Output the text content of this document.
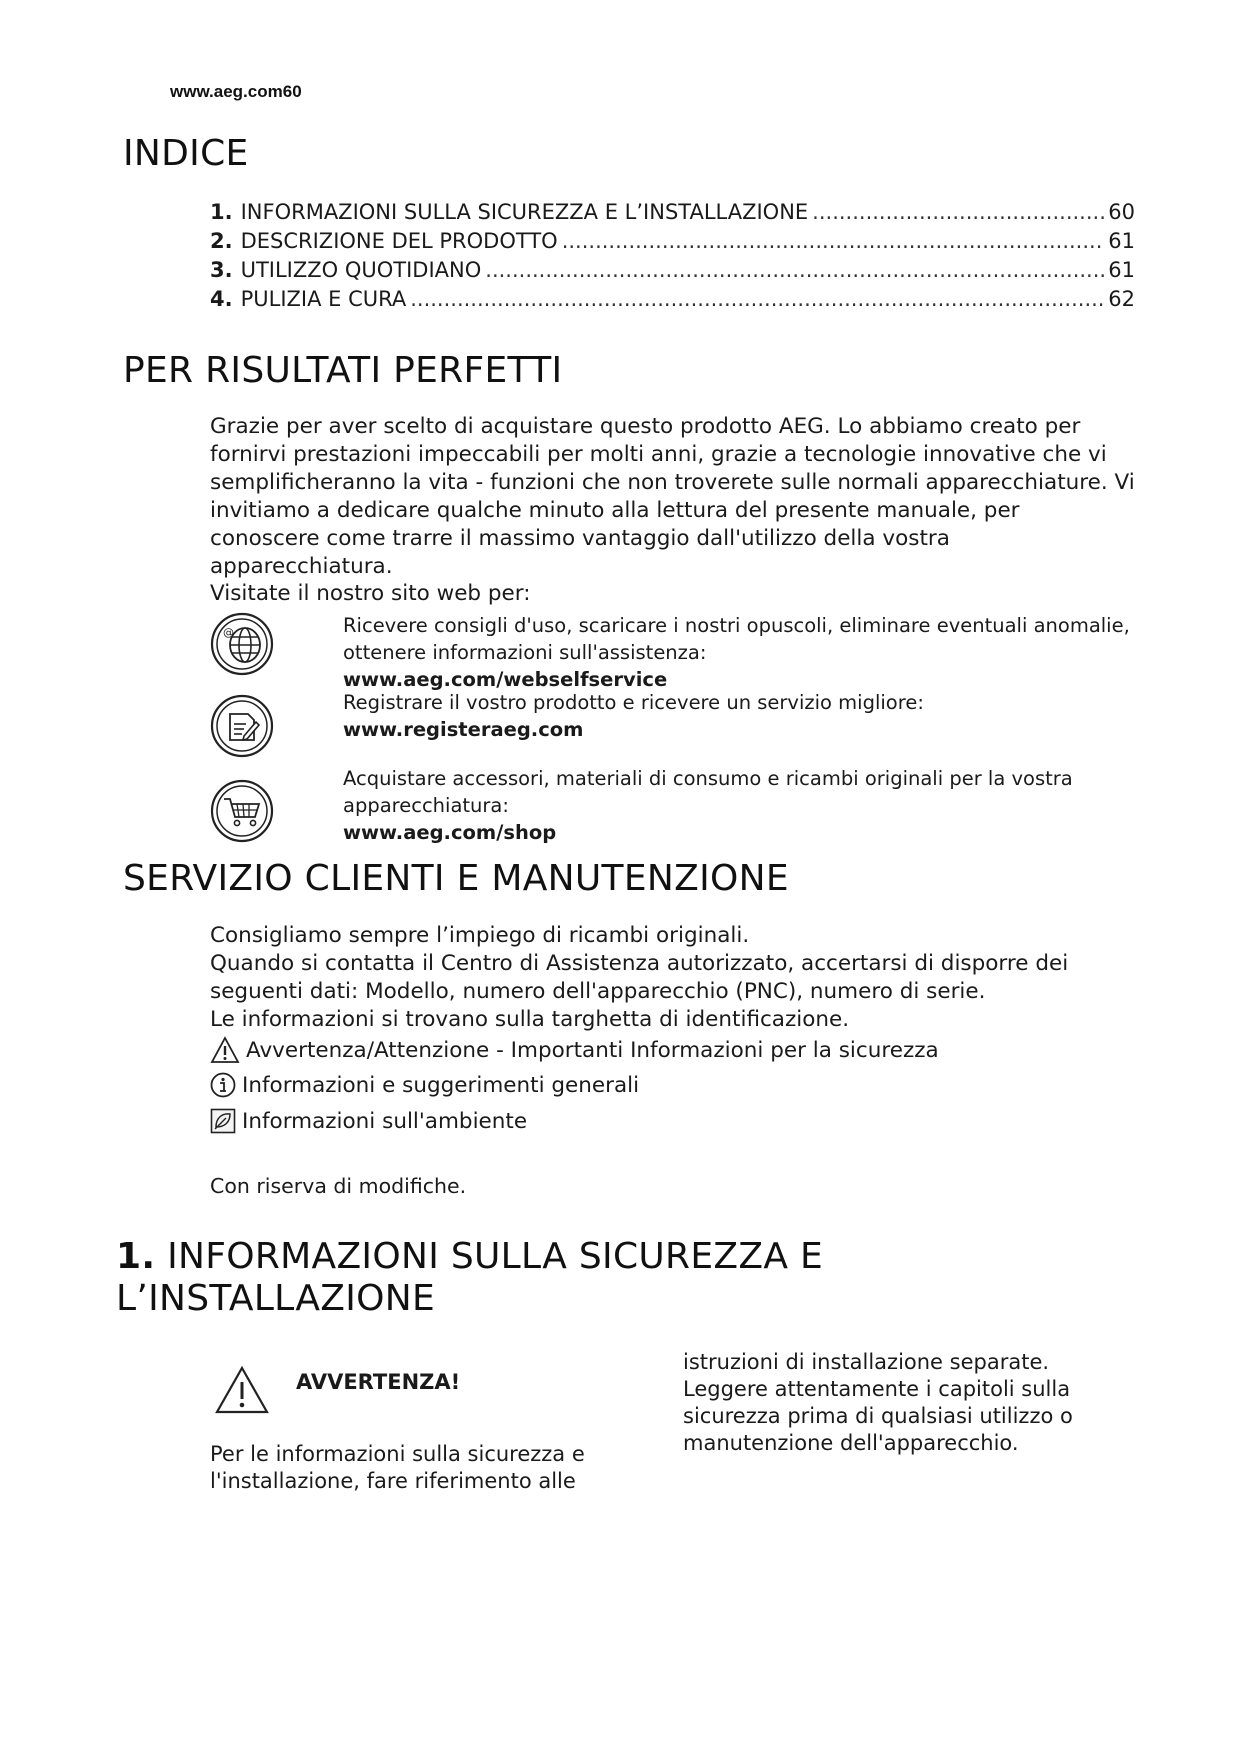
www.aeg.com60
INDICE
1. INFORMAZIONI SULLA SICUREZZA E L’INSTALLAZIONE .....	60
2. DESCRIZIONE DEL PRODOTTO .....	61
3. UTILIZZO QUOTIDIANO .....	61
4. PULIZIA E CURA .....	62
PER RISULTATI PERFETTI

Grazie per aver scelto di acquistare questo prodotto AEG. Lo abbiamo creato per fornirvi prestazioni impeccabili per molti anni, grazie a tecnologie innovative che vi semplificheranno la vita - funzioni che non troverete sulle normali apparecchiature. Vi invitiamo a dedicare qualche minuto alla lettura del presente manuale, per conoscere come trarre il massimo vantaggio dall'utilizzo della vostra apparecchiatura.

Visitate il nostro sito web per:

@	Ricevere consigli d'uso, scaricare i nostri opuscoli, eliminare eventuali anomalie, ottenere informazioni sull'assistenza:
www.aeg.com/webselfservice
Registrare il vostro prodotto e ricevere un servizio migliore:
www.registeraeg.com
Acquistare accessori, materiali di consumo e ricambi originali per la vostra apparecchiatura:
www.aeg.com/shop
SERVIZIO CLIENTI E MANUTENZIONE

Consigliamo sempre l’impiego di ricambi originali.

Quando si contatta il Centro di Assistenza autorizzato, accertarsi di disporre dei seguenti dati: Modello, numero dell'apparecchio (PNC), numero di serie.

Le informazioni si trovano sulla targhetta di identificazione.

Avvertenza/Attenzione - Importanti Informazioni per la sicurezza
Informazioni e suggerimenti generali
Informazioni sull'ambiente

Con riserva di modifiche.

1. INFORMAZIONI SULLA SICUREZZA E
L’INSTALLAZIONE
AVVERTENZA!

Per le informazioni sulla sicurezza e l'installazione, fare riferimento alle

istruzioni di installazione separate. Leggere attentamente i capitoli sulla sicurezza prima di qualsiasi utilizzo o manutenzione dell'apparecchio.
